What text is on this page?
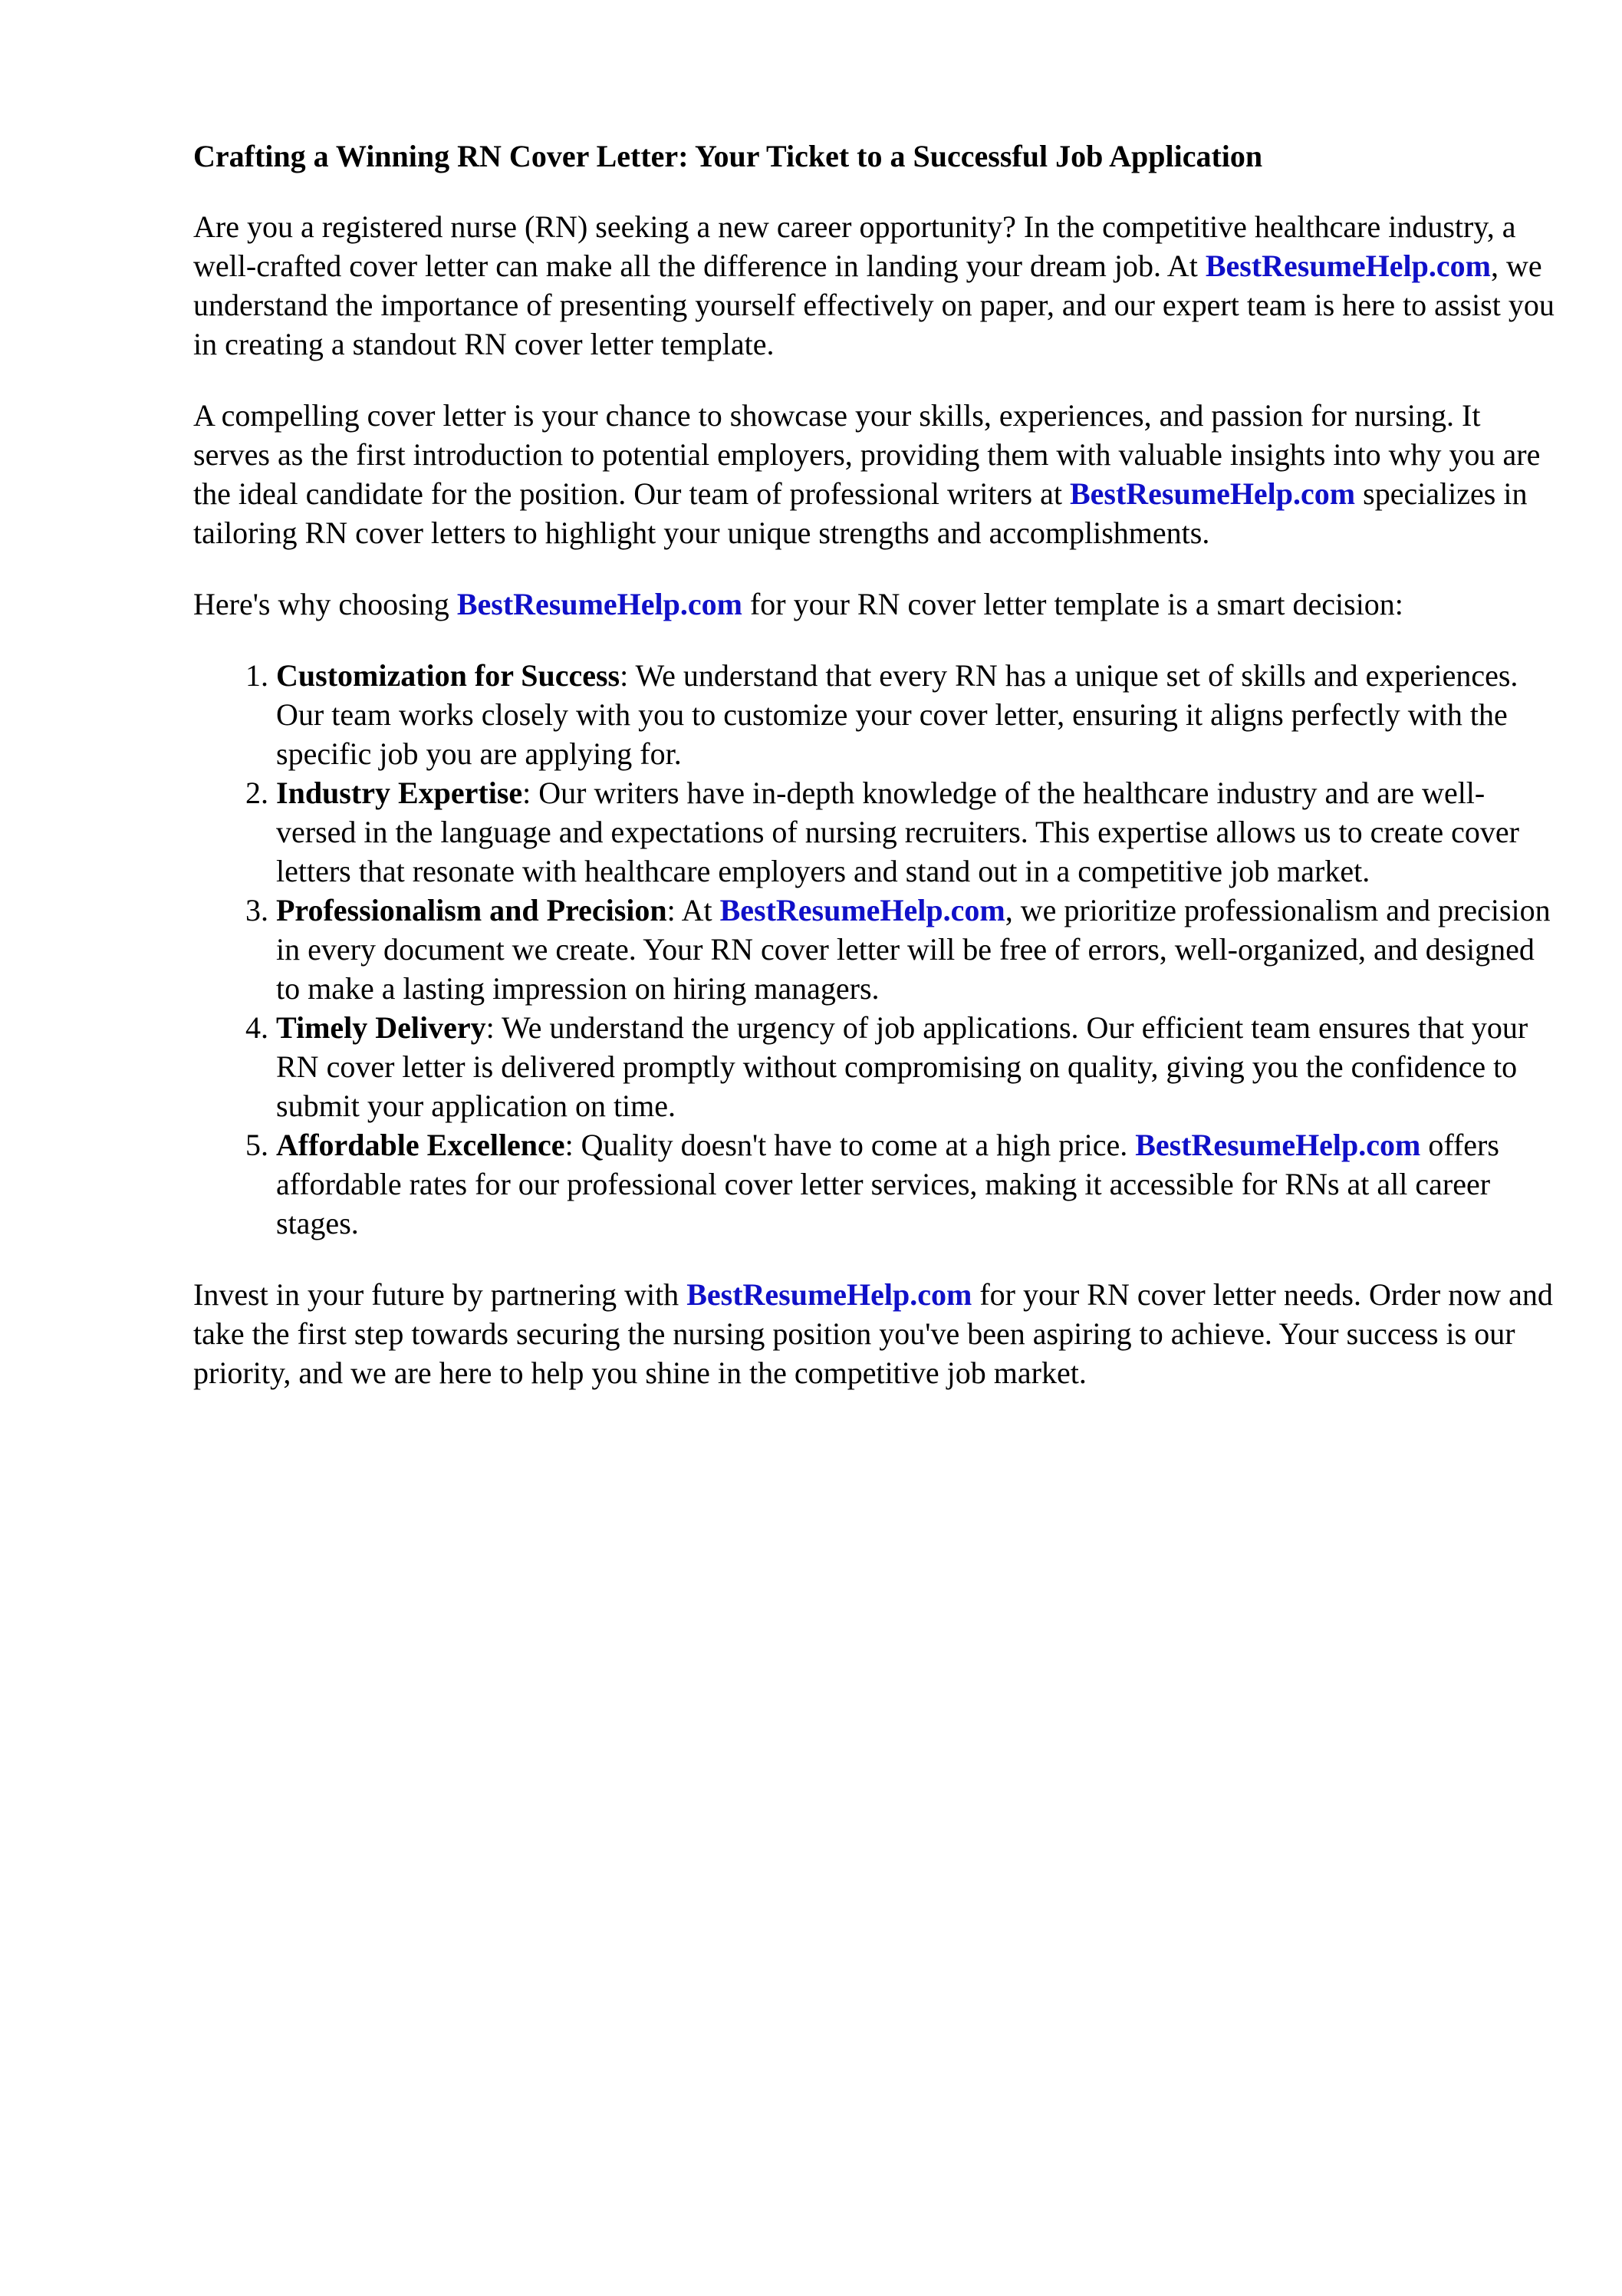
Crafting a Winning RN Cover Letter: Your Ticket to a Successful Job Application

Are you a registered nurse (RN) seeking a new career opportunity? In the competitive healthcare industry, a well-crafted cover letter can make all the difference in landing your dream job. At BestResumeHelp.com, we understand the importance of presenting yourself effectively on paper, and our expert team is here to assist you in creating a standout RN cover letter template.

A compelling cover letter is your chance to showcase your skills, experiences, and passion for nursing. It serves as the first introduction to potential employers, providing them with valuable insights into why you are the ideal candidate for the position. Our team of professional writers at BestResumeHelp.com specializes in tailoring RN cover letters to highlight your unique strengths and accomplishments.

Here's why choosing BestResumeHelp.com for your RN cover letter template is a smart decision:

1. Customization for Success: We understand that every RN has a unique set of skills and experiences. Our team works closely with you to customize your cover letter, ensuring it aligns perfectly with the specific job you are applying for.
2. Industry Expertise: Our writers have in-depth knowledge of the healthcare industry and are well-versed in the language and expectations of nursing recruiters. This expertise allows us to create cover letters that resonate with healthcare employers and stand out in a competitive job market.
3. Professionalism and Precision: At BestResumeHelp.com, we prioritize professionalism and precision in every document we create. Your RN cover letter will be free of errors, well-organized, and designed to make a lasting impression on hiring managers.
4. Timely Delivery: We understand the urgency of job applications. Our efficient team ensures that your RN cover letter is delivered promptly without compromising on quality, giving you the confidence to submit your application on time.
5. Affordable Excellence: Quality doesn't have to come at a high price. BestResumeHelp.com offers affordable rates for our professional cover letter services, making it accessible for RNs at all career stages.

Invest in your future by partnering with BestResumeHelp.com for your RN cover letter needs. Order now and take the first step towards securing the nursing position you've been aspiring to achieve. Your success is our priority, and we are here to help you shine in the competitive job market.
